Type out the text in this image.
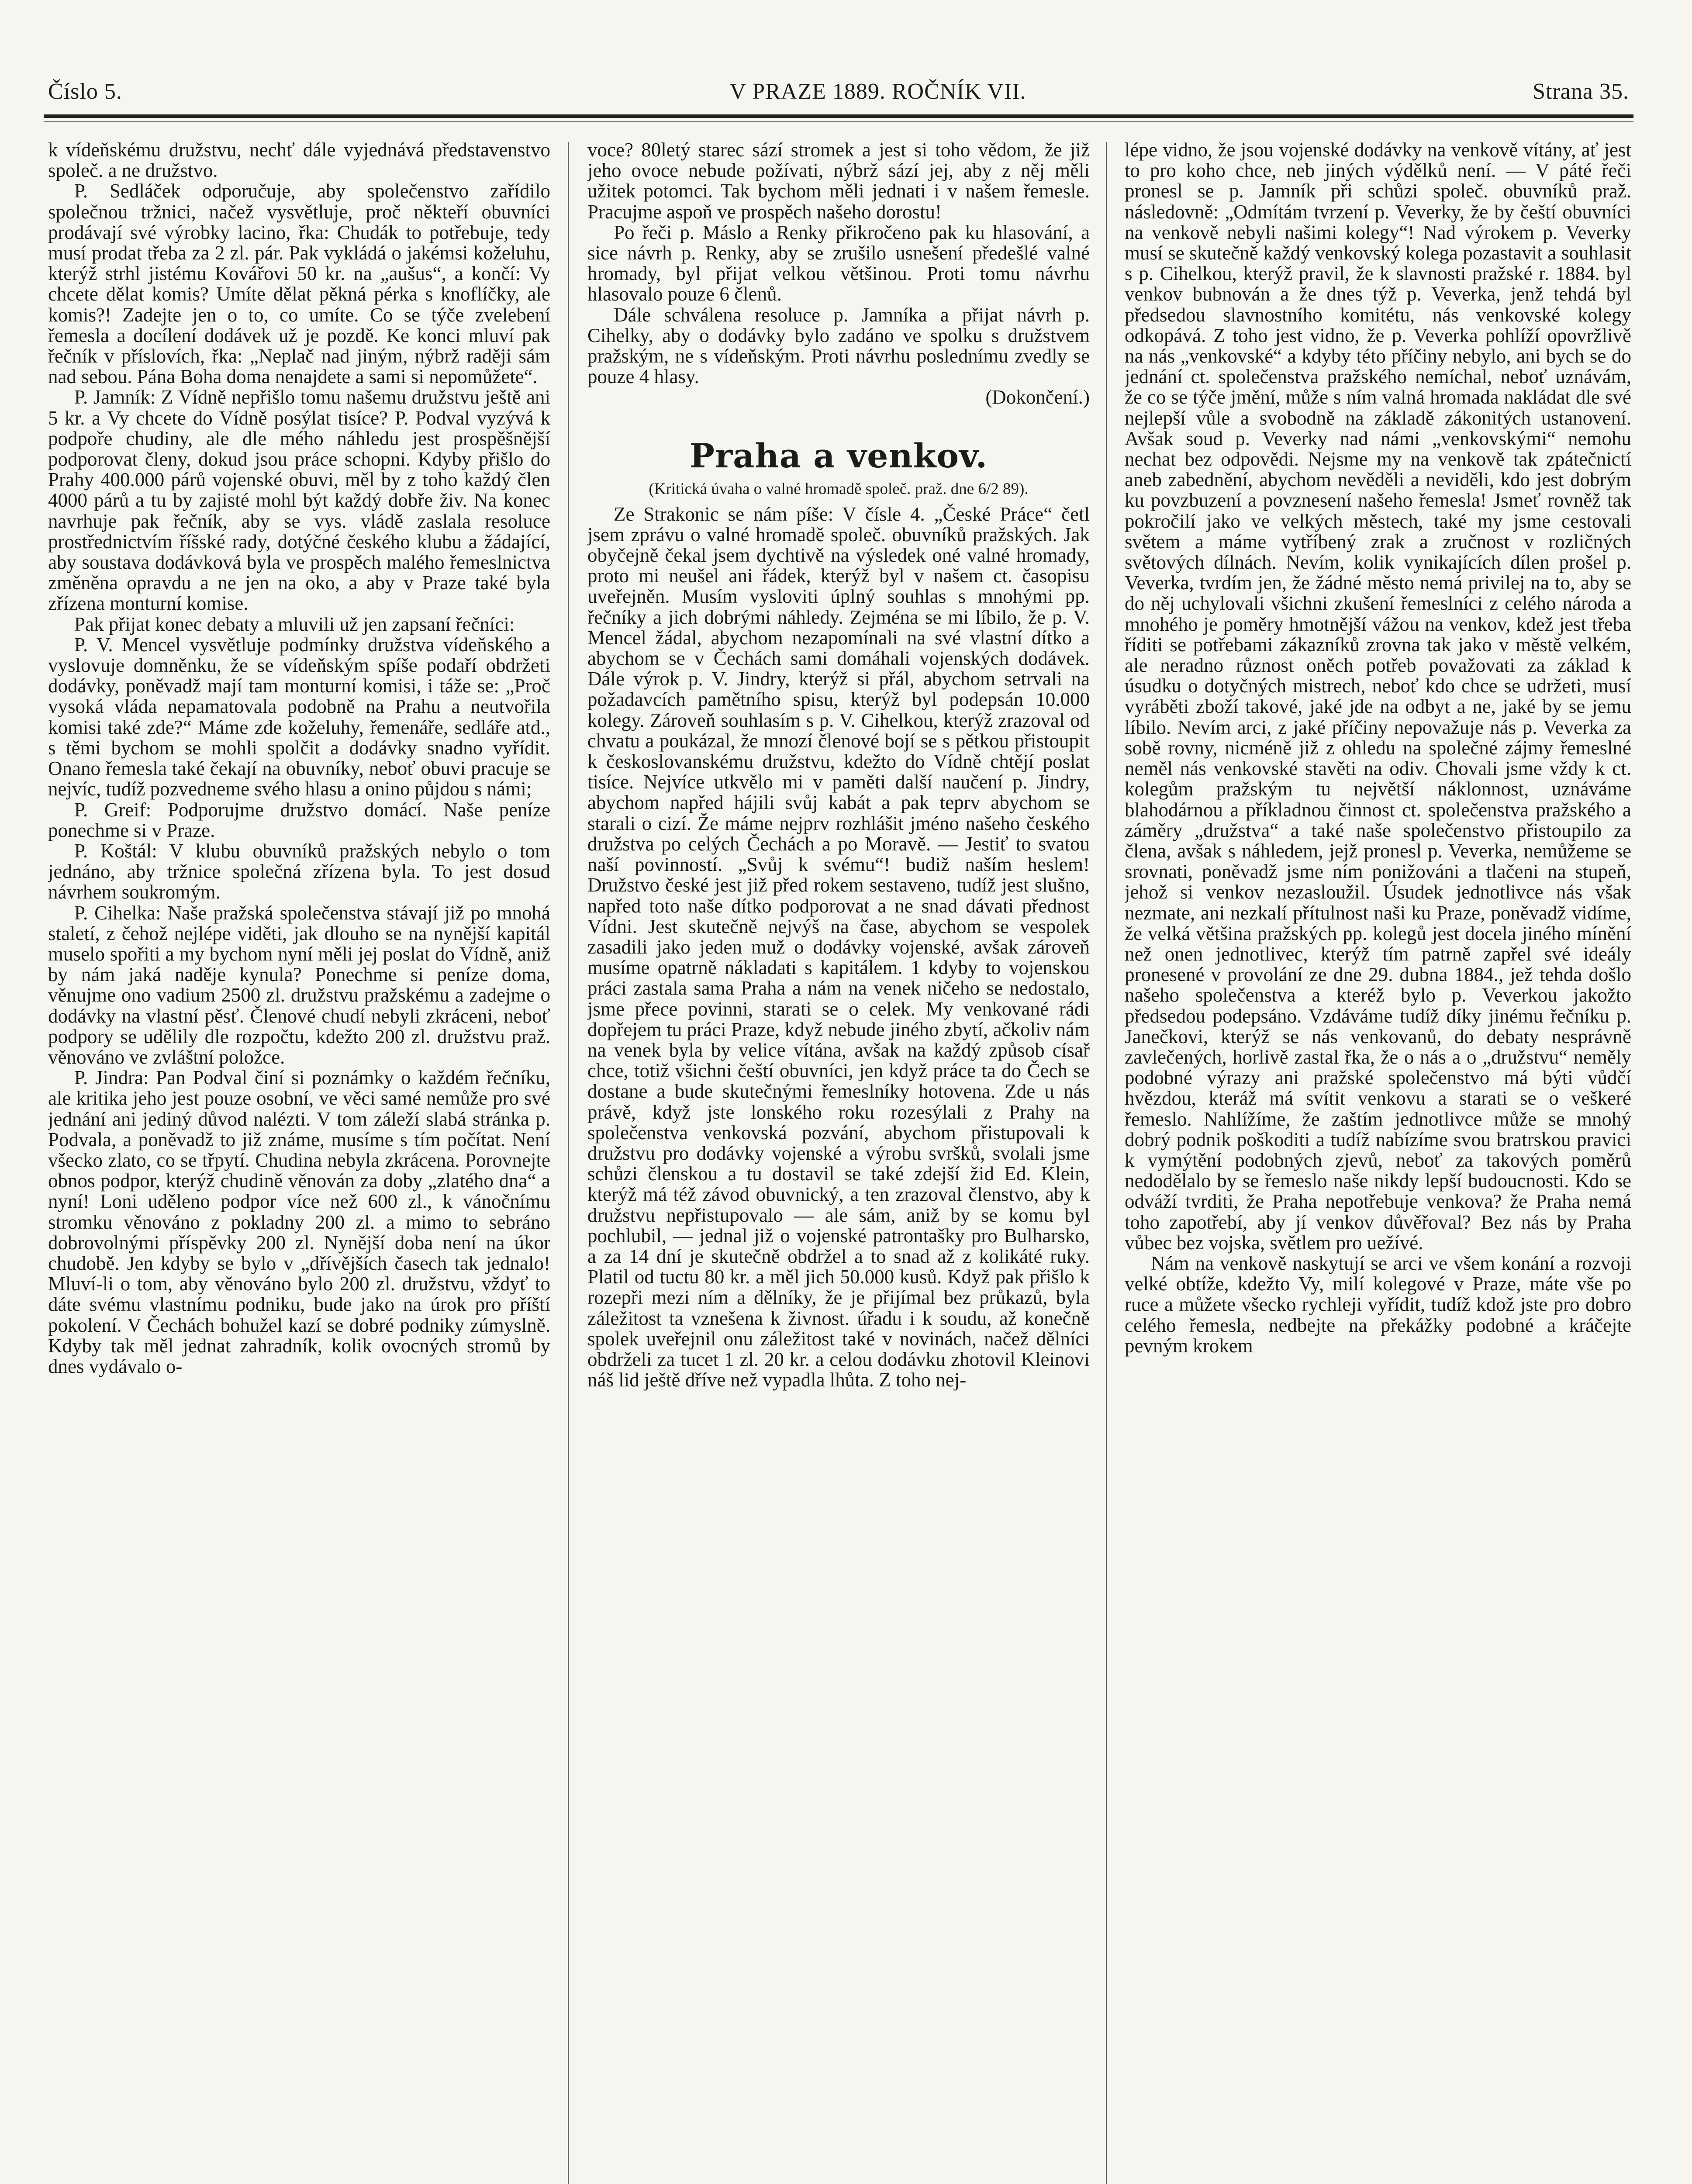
Číslo 5.	V PRAZE 1889. ROČNÍK VII.	Strana 35.

k vídeňskému družstvu, nechť dále vyjednává představenstvo společ. a ne družstvo.

P. Sedláček odporučuje, aby společenstvo zařídilo společnou tržnici, načež vysvětluje, proč někteří obuvníci prodávají své výrobky lacino, řka: Chudák to potřebuje, tedy musí prodat třeba za 2 zl. pár. Pak vykládá o jakémsi koželuhu, kterýž strhl jistému Kovářovi 50 kr. na „aušus“, a končí: Vy chcete dělat komis? Umíte dělat pěkná pérka s knoflíčky, ale komis?! Zadejte jen o to, co umíte. Co se týče zvelebení řemesla a docílení dodávek už je pozdě. Ke konci mluví pak řečník v příslovích, řka: „Neplač nad jiným, nýbrž raději sám nad sebou. Pána Boha doma nenajdete a sami si nepomůžete“.

P. Jamník: Z Vídně nepřišlo tomu našemu družstvu ještě ani 5 kr. a Vy chcete do Vídně posýlat tisíce? P. Podval vyzývá k podpoře chudiny, ale dle mého náhledu jest prospěšnější podporovat členy, dokud jsou práce schopni. Kdyby přišlo do Prahy 400.000 párů vojenské obuvi, měl by z toho každý člen 4000 párů a tu by zajisté mohl být každý dobře živ. Na konec navrhuje pak řečník, aby se vys. vládě zaslala resoluce prostřednictvím říšské rady, dotýčné českého klubu a žádající, aby soustava dodávková byla ve prospěch malého řemeslnictva změněna opravdu a ne jen na oko, a aby v Praze také byla zřízena monturní komise.

Pak přijat konec debaty a mluvili už jen zapsaní řečníci:

P. V. Mencel vysvětluje podmínky družstva vídeňského a vyslovuje domněnku, že se vídeňským spíše podaří obdržeti dodávky, poněvadž mají tam monturní komisi, i táže se: „Proč vysoká vláda nepamatovala podobně na Prahu a neutvořila komisi také zde?“ Máme zde koželuhy, řemenáře, sedláře atd., s těmi bychom se mohli spolčit a dodávky snadno vyřídit. Onano řemesla také čekají na obuvníky, neboť obuvi pracuje se nejvíc, tudíž pozvedneme svého hlasu a onino půjdou s námi;

P. Greif: Podporujme družstvo domácí. Naše peníze ponechme si v Praze.

P. Koštál: V klubu obuvníků pražských nebylo o tom jednáno, aby tržnice společná zřízena byla. To jest dosud návrhem soukromým.

P. Cihelka: Naše pražská společenstva stávají již po mnohá staletí, z čehož nejlépe viděti, jak dlouho se na nynější kapitál muselo spořiti a my bychom nyní měli jej poslat do Vídně, aniž by nám jaká naděje kynula? Ponechme si peníze doma, věnujme ono vadium 2500 zl. družstvu pražskému a zadejme o dodávky na vlastní pěsť. Členové chudí nebyli zkráceni, neboť podpory se udělily dle rozpočtu, kdežto 200 zl. družstvu praž. věnováno ve zvláštní položce.

P. Jindra: Pan Podval činí si poznámky o každém řečníku, ale kritika jeho jest pouze osobní, ve věci samé nemůže pro své jednání ani jediný důvod nalézti. V tom záleží slabá stránka p. Podvala, a poněvadž to již známe, musíme s tím počítat. Není všecko zlato, co se třpytí. Chudina nebyla zkrácena. Porovnejte obnos podpor, kterýž chudině věnován za doby „zlatého dna“ a nyní! Loni uděleno podpor více než 600 zl., k vánočnímu stromku věnováno z pokladny 200 zl. a mimo to sebráno dobrovolnými příspěvky 200 zl. Nynější doba není na úkor chudobě. Jen kdyby se bylo v „dřívějších časech tak jednalo! Mluví-li o tom, aby věnováno bylo 200 zl. družstvu, vždyť to dáte svému vlastnímu podniku, bude jako na úrok pro příští pokolení. V Čechách bohužel kazí se dobré podniky zúmyslně. Kdyby tak měl jednat zahradník, kolik ovocných stromů by dnes vydávalo o-

voce? 80letý starec sází stromek a jest si toho vědom, že již jeho ovoce nebude požívati, nýbrž sází jej, aby z něj měli užitek potomci. Tak bychom měli jednati i v našem řemesle. Pracujme aspoň ve prospěch našeho dorostu!

Po řeči p. Máslo a Renky přikročeno pak ku hlasování, a sice návrh p. Renky, aby se zrušilo usnešení předešlé valné hromady, byl přijat velkou většinou. Proti tomu návrhu hlasovalo pouze 6 členů.

Dále schválena resoluce p. Jamníka a přijat návrh p. Cihelky, aby o dodávky bylo zadáno ve spolku s družstvem pražským, ne s vídeňským. Proti návrhu poslednímu zvedly se pouze 4 hlasy.

(Dokončení.)

Praha a venkov.
(Kritická úvaha o valné hromadě společ. praž. dne 6/2 89).

Ze Strakonic se nám píše: V čísle 4. „České Práce“ četl jsem zprávu o valné hromadě společ. obuvníků pražských. Jak obyčejně čekal jsem dychtivě na výsledek oné valné hromady, proto mi neušel ani řádek, kterýž byl v našem ct. časopisu uveřejněn. Musím vysloviti úplný souhlas s mnohými pp. řečníky a jich dobrými náhledy. Zejména se mi líbilo, že p. V. Mencel žádal, abychom nezapomínali na své vlastní dítko a abychom se v Čechách sami domáhali vojenských dodávek. Dále výrok p. V. Jindry, kterýž si přál, abychom setrvali na požadavcích pamětního spisu, kterýž byl podepsán 10.000 kolegy. Zároveň souhlasím s p. V. Cihelkou, kterýž zrazoval od chvatu a poukázal, že mnozí členové bojí se s pětkou přistoupit k českoslovanskému družstvu, kdežto do Vídně chtějí poslat tisíce. Nejvíce utkvělo mi v paměti další naučení p. Jindry, abychom napřed hájili svůj kabát a pak teprv abychom se starali o cizí. Že máme nejprv rozhlášit jméno našeho českého družstva po celých Čechách a po Moravě. — Jestiť to svatou naší povinností. „Svůj k svému“! budiž naším heslem! Družstvo české jest již před rokem sestaveno, tudíž jest slušno, napřed toto naše dítko podporovat a ne snad dávati přednost Vídni. Jest skutečně nejvýš na čase, abychom se vespolek zasadili jako jeden muž o dodávky vojenské, avšak zároveň musíme opatrně nákladati s kapitálem. 1 kdyby to vojenskou práci zastala sama Praha a nám na venek ničeho se nedostalo, jsme přece povinni, starati se o celek. My venkované rádi dopřejem tu práci Praze, když nebude jiného zbytí, ačkoliv nám na venek byla by velice vítána, avšak na každý způsob císař chce, totiž všichni čeští obuvníci, jen když práce ta do Čech se dostane a bude skutečnými řemeslníky hotovena. Zde u nás právě, když jste lonského roku rozesýlali z Prahy na společenstva venkovská pozvání, abychom přistupovali k družstvu pro dodávky vojenské a výrobu svršků, svolali jsme schůzi členskou a tu dostavil se také zdejší žid Ed. Klein, kterýž má též závod obuvnický, a ten zrazoval členstvo, aby k družstvu nepřistupovalo — ale sám, aniž by se komu byl pochlubil, — jednal již o vojenské patrontašky pro Bulharsko, a za 14 dní je skutečně obdržel a to snad až z kolikáté ruky. Platil od tuctu 80 kr. a měl jich 50.000 kusů. Když pak přišlo k rozepři mezi ním a dělníky, že je přijímal bez průkazů, byla záležitost ta vznešena k živnost. úřadu i k soudu, až konečně spolek uveřejnil onu záležitost také v novinách, načež dělníci obdrželi za tucet 1 zl. 20 kr. a celou dodávku zhotovil Kleinovi náš lid ještě dříve než vypadla lhůta. Z toho nej-

lépe vidno, že jsou vojenské dodávky na venkově vítány, ať jest to pro koho chce, neb jiných výdělků není. — V páté řeči pronesl se p. Jamník při schůzi společ. obuvníků praž. následovně: „Odmítám tvrzení p. Veverky, že by čeští obuvníci na venkově nebyli našimi kolegy“! Nad výrokem p. Veverky musí se skutečně každý venkovský kolega pozastavit a souhlasit s p. Cihelkou, kterýž pravil, že k slavnosti pražské r. 1884. byl venkov bubnován a že dnes týž p. Veverka, jenž tehdá byl předsedou slavnostního komitétu, nás venkovské kolegy odkopává. Z toho jest vidno, že p. Veverka pohlíží opovržlivě na nás „venkovské“ a kdyby této příčiny nebylo, ani bych se do jednání ct. společenstva pražského nemíchal, neboť uznávám, že co se týče jmění, může s ním valná hromada nakládat dle své nejlepší vůle a svobodně na základě zákonitých ustanovení. Avšak soud p. Veverky nad námi „venkovskými“ nemohu nechat bez odpovědi. Nejsme my na venkově tak zpátečnictí aneb zabednění, abychom nevěděli a neviděli, kdo jest dobrým ku povzbuzení a povznesení našeho řemesla! Jsmeť rovněž tak pokročilí jako ve velkých městech, také my jsme cestovali světem a máme vytříbený zrak a zručnost v rozličných světových dílnách. Nevím, kolik vynikajících dílen prošel p. Veverka, tvrdím jen, že žádné město nemá privilej na to, aby se do něj uchylovali všichni zkušení řemeslníci z celého národa a mnohého je poměry hmotnější vážou na venkov, kdež jest třeba říditi se potřebami zákazníků zrovna tak jako v městě velkém, ale neradno různost oněch potřeb považovati za základ k úsudku o dotyčných mistrech, neboť kdo chce se udržeti, musí vyráběti zboží takové, jaké jde na odbyt a ne, jaké by se jemu líbilo. Nevím arci, z jaké příčiny nepovažuje nás p. Veverka za sobě rovny, nicméně již z ohledu na společné zájmy řemeslné neměl nás venkovské stavěti na odiv. Chovali jsme vždy k ct. kolegům pražským tu největší náklonnost, uznáváme blahodárnou a příkladnou činnost ct. společenstva pražského a záměry „družstva“ a také naše společenstvo přistoupilo za člena, avšak s náhledem, jejž pronesl p. Veverka, nemůžeme se srovnati, poněvadž jsme ním ponižováni a tlačeni na stupeň, jehož si venkov nezasloužil. Úsudek jednotlivce nás však nezmate, ani nezkalí přítulnost naši ku Praze, poněvadž vidíme, že velká většina pražských pp. kolegů jest docela jiného mínění než onen jednotlivec, kterýž tím patrně zapřel své ideály pronesené v provolání ze dne 29. dubna 1884., jež tehda došlo našeho společenstva a kteréž bylo p. Veverkou jakožto předsedou podepsáno. Vzdáváme tudíž díky jinému řečníku p. Janečkovi, kterýž se nás venkovanů, do debaty nesprávně zavlečených, horlivě zastal řka, že o nás a o „družstvu“ neměly podobné výrazy ani pražské společenstvo má býti vůdčí hvězdou, kteráž má svítit venkovu a starati se o veškeré řemeslo. Nahlížíme, že zaštím jednotlivce může se mnohý dobrý podnik poškoditi a tudíž nabízíme svou bratrskou pravici k vymýtění podobných zjevů, neboť za takových poměrů nedodělalo by se řemeslo naše nikdy lepší budoucnosti. Kdo se odváží tvrditi, že Praha nepotřebuje venkova? že Praha nemá toho zapotřebí, aby jí venkov důvěřoval? Bez nás by Praha vůbec bez vojska, světlem pro uežívé.

Nám na venkově naskytují se arci ve všem konání a rozvoji velké obtíže, kdežto Vy, milí kolegové v Praze, máte vše po ruce a můžete všecko rychleji vyřídit, tudíž kdož jste pro dobro celého řemesla, nedbejte na překážky podobné a kráčejte pevným krokem
